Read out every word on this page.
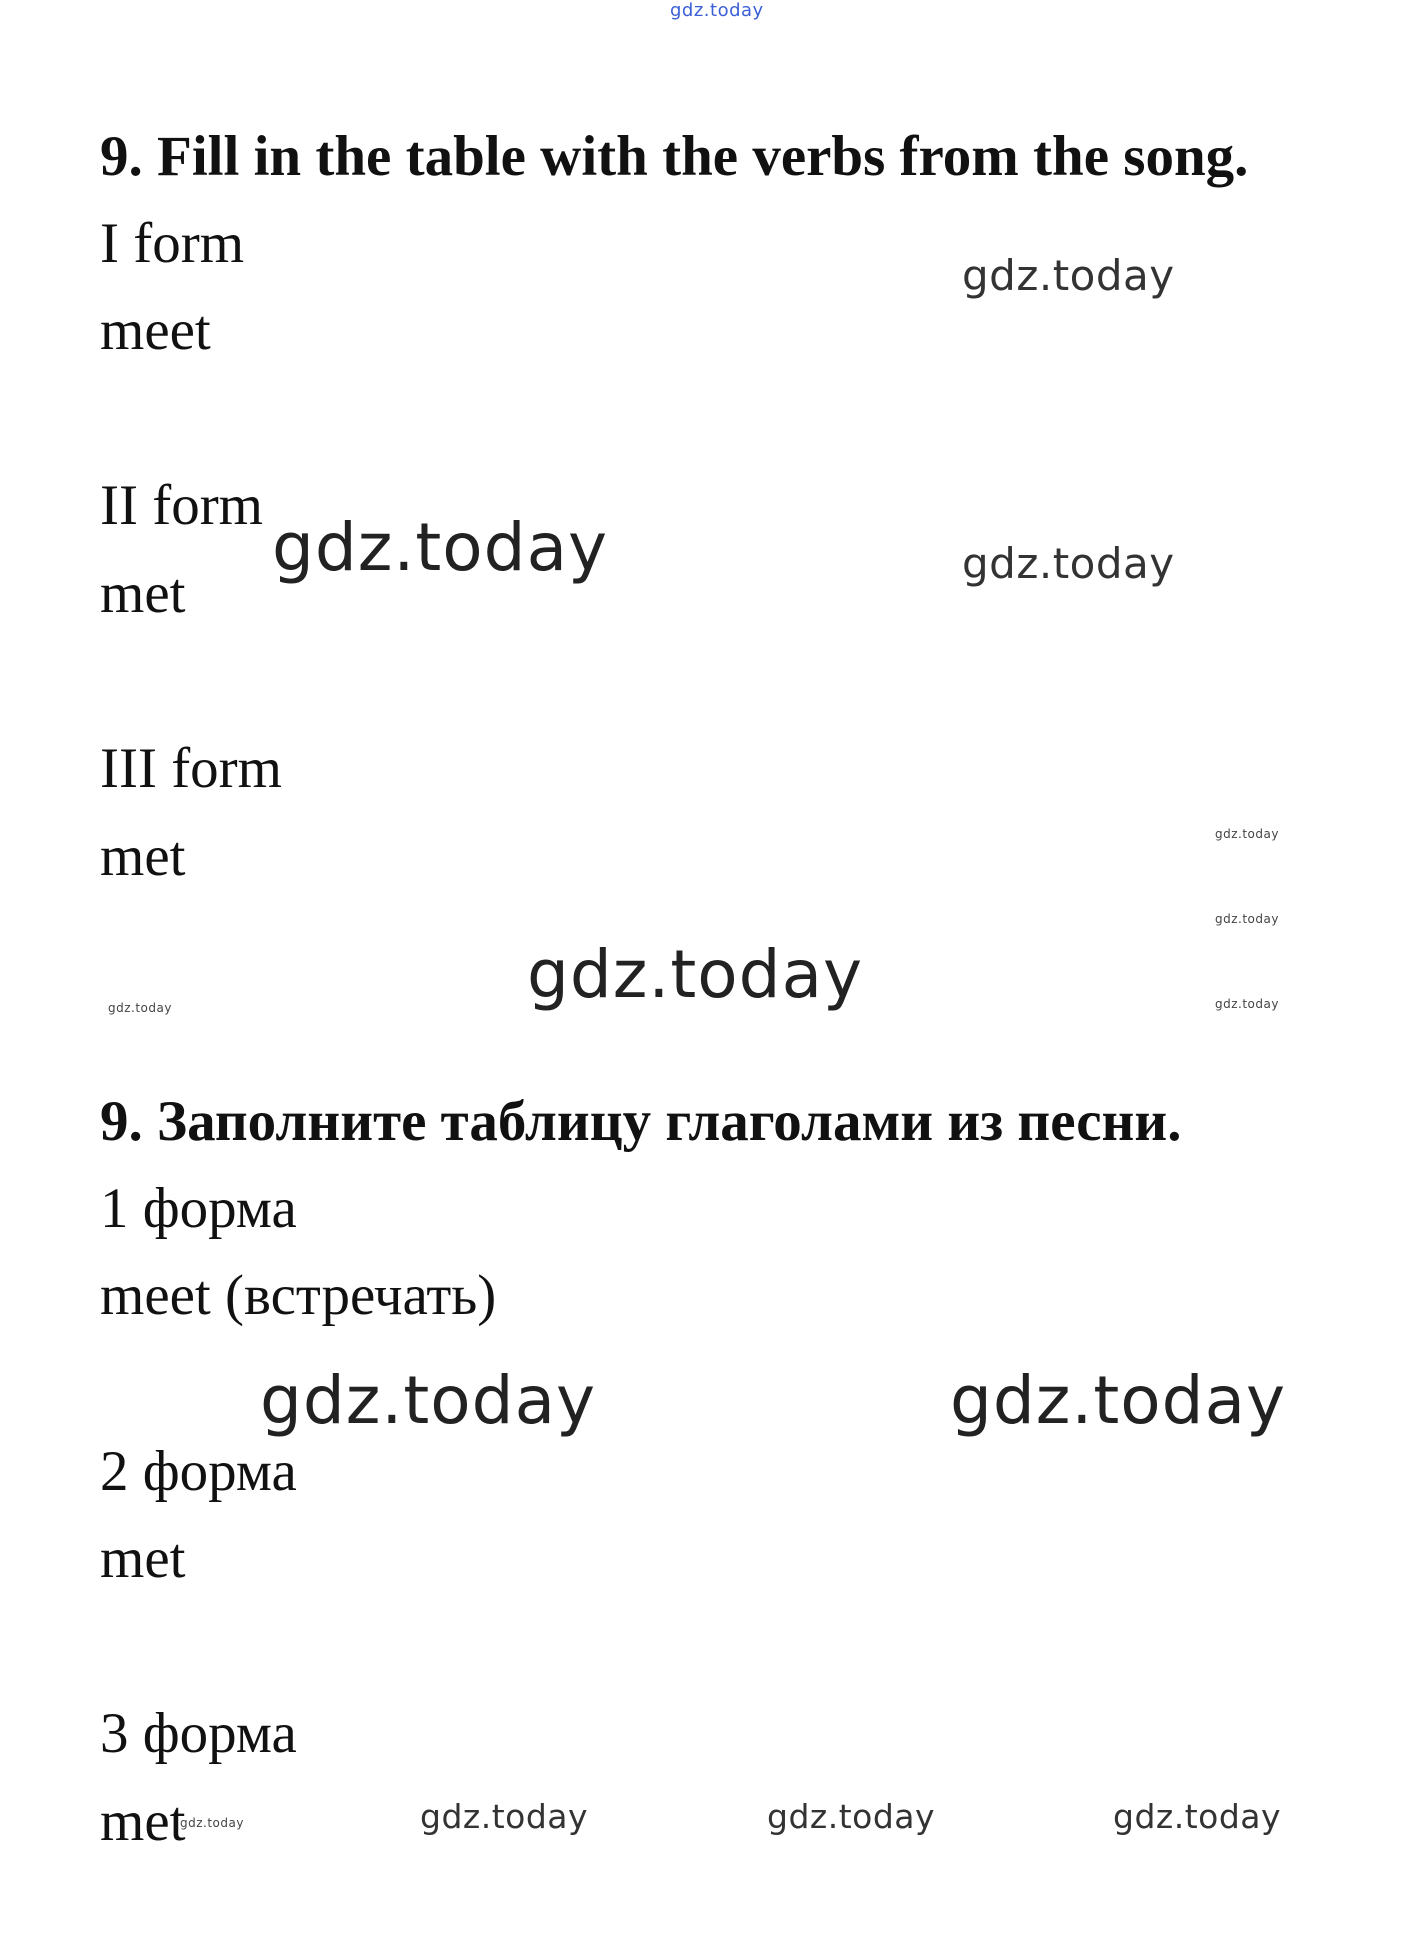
gdz.today
9. Fill in the table with the verbs from the song.
I form
meet
II form
met
III form
met
9. Заполните таблицу глаголами из песни.
1 форма
meet (встречать)
2 форма
met
3 форма
met
gdz.today
gdz.today	gdz.today
gdz.today
gdz.today
gdz.today	gdz.today
gdz.today
gdz.today	gdz.today
gdz.today	gdz.today	gdz.today	gdz.today
